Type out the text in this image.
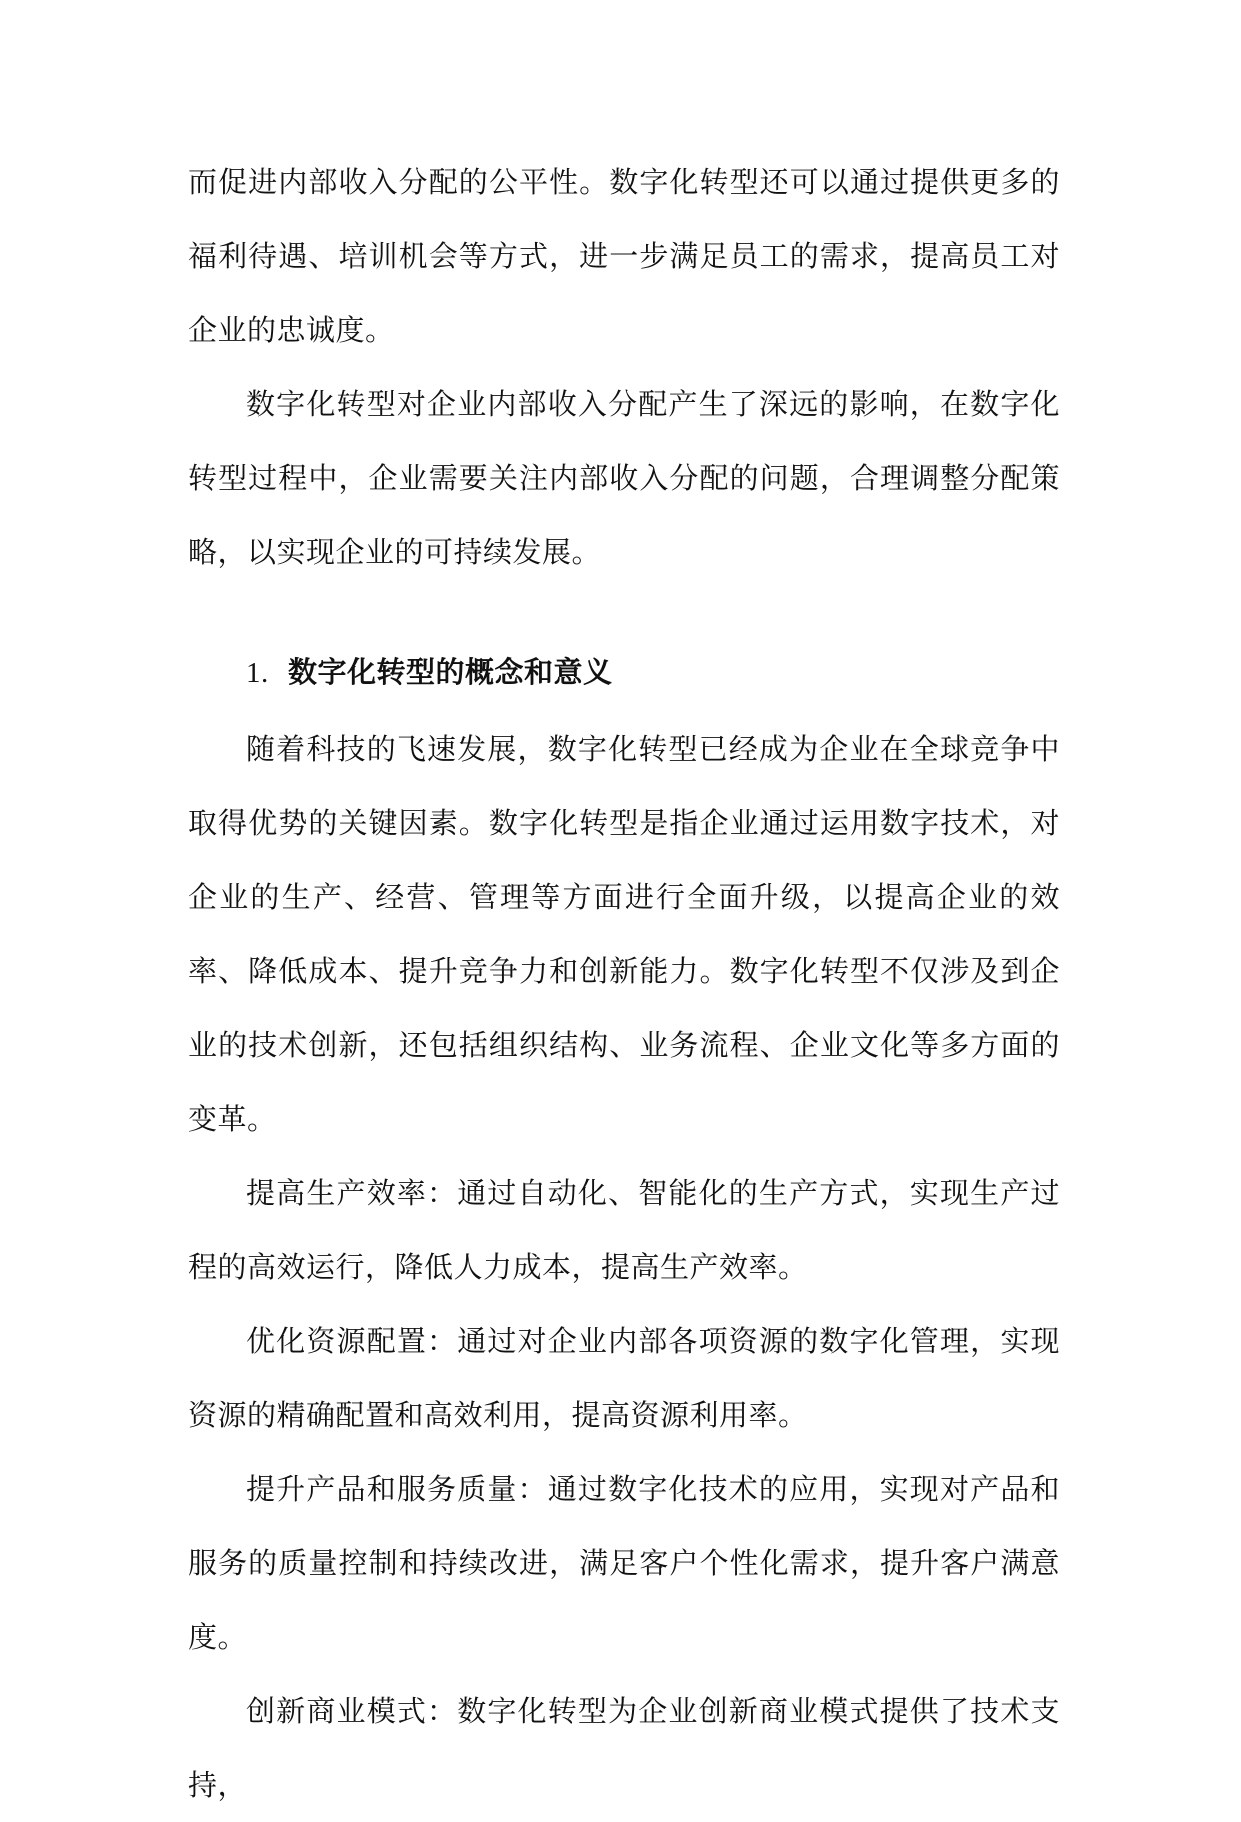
而促进内部收入分配的公平性。数字化转型还可以通过提供更多的福利待遇、培训机会等方式，进一步满足员工的需求，提高员工对企业的忠诚度。

数字化转型对企业内部收入分配产生了深远的影响，在数字化转型过程中，企业需要关注内部收入分配的问题，合理调整分配策略，以实现企业的可持续发展。

1. 数字化转型的概念和意义

随着科技的飞速发展，数字化转型已经成为企业在全球竞争中取得优势的关键因素。数字化转型是指企业通过运用数字技术，对企业的生产、经营、管理等方面进行全面升级，以提高企业的效率、降低成本、提升竞争力和创新能力。数字化转型不仅涉及到企业的技术创新，还包括组织结构、业务流程、企业文化等多方面的变革。

提高生产效率：通过自动化、智能化的生产方式，实现生产过程的高效运行，降低人力成本，提高生产效率。

优化资源配置：通过对企业内部各项资源的数字化管理，实现资源的精确配置和高效利用，提高资源利用率。

提升产品和服务质量：通过数字化技术的应用，实现对产品和服务的质量控制和持续改进，满足客户个性化需求，提升客户满意度。

创新商业模式：数字化转型为企业创新商业模式提供了技术支持，
